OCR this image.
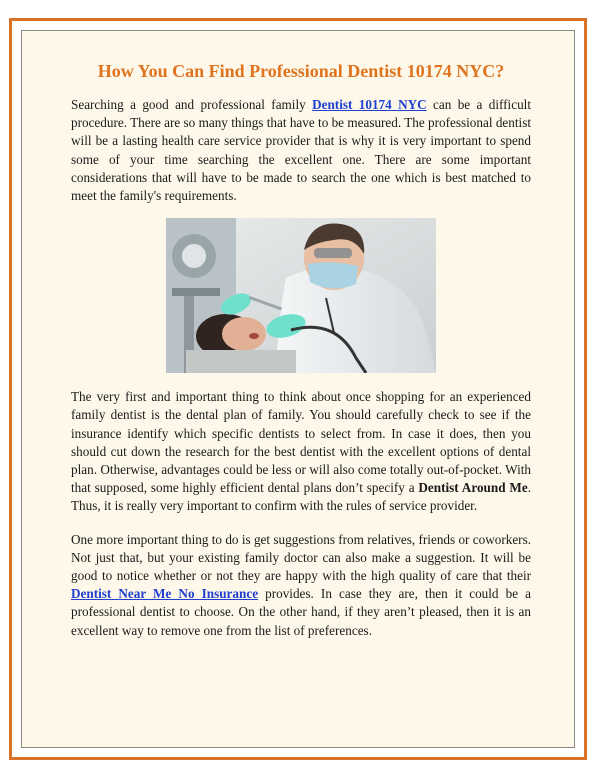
How You Can Find Professional Dentist 10174 NYC?

Searching a good and professional family Dentist 10174 NYC can be a difficult procedure. There are so many things that have to be measured. The professional dentist will be a lasting health care service provider that is why it is very important to spend some of your time searching the excellent one. There are some important considerations that will have to be made to search the one which is best matched to meet the family's requirements.

The very first and important thing to think about once shopping for an experienced family dentist is the dental plan of family. You should carefully check to see if the insurance identify which specific dentists to select from. In case it does, then you should cut down the research for the best dentist with the excellent options of dental plan. Otherwise, advantages could be less or will also come totally out-of-pocket. With that supposed, some highly efficient dental plans don’t specify a Dentist Around Me. Thus, it is really very important to confirm with the rules of service provider.

One more important thing to do is get suggestions from relatives, friends or coworkers. Not just that, but your existing family doctor can also make a suggestion. It will be good to notice whether or not they are happy with the high quality of care that their Dentist Near Me No Insurance provides. In case they are, then it could be a professional dentist to choose. On the other hand, if they aren’t pleased, then it is an excellent way to remove one from the list of preferences.
